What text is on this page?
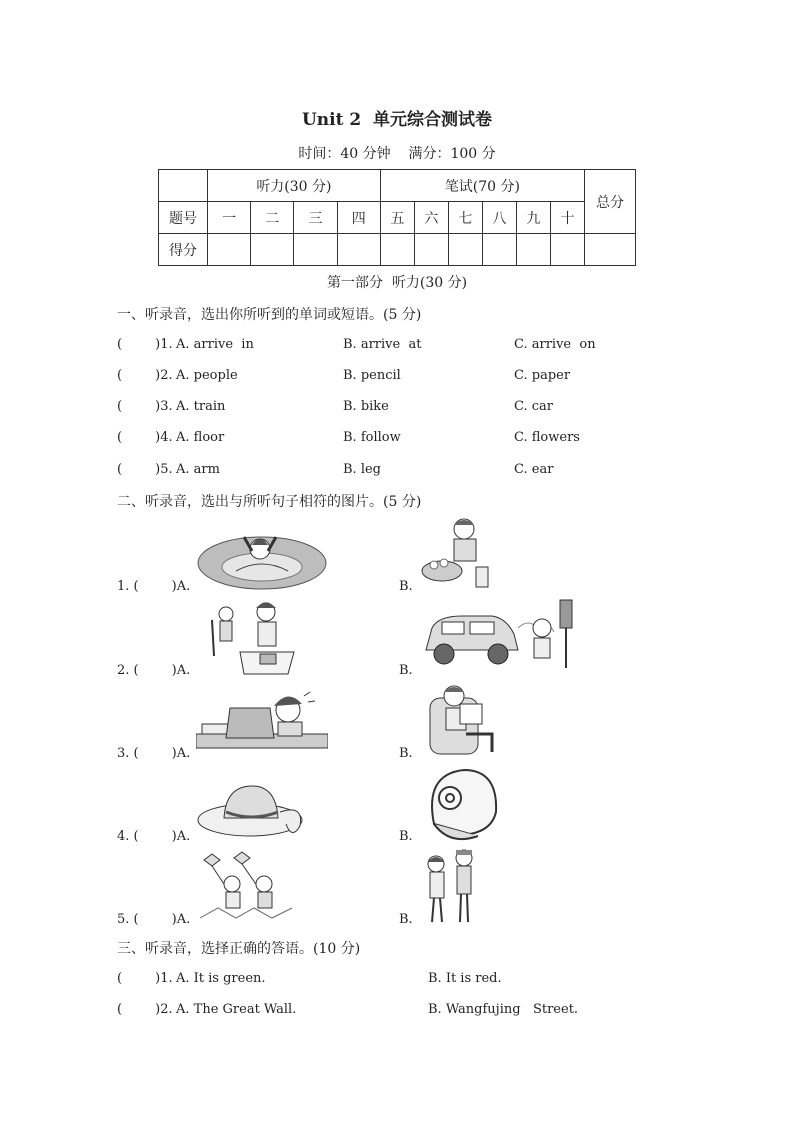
Unit 2  单元综合测试卷
时间：40 分钟    满分：100 分
	听力(30 分)				笔试(70 分)						总分
题号	一	二	三	四	五	六	七	八	九	十	
得分											
第一部分  听力(30 分)
一、听录音，选出你所听到的单词或短语。(5 分)
(        )1. A. arrive  in	B. arrive  at	C. arrive  on
(        )2. A. people	B. pencil	C. paper
(        )3. A. train	B. bike	C. car
(        )4. A. floor	B. follow	C. flowers
(        )5. A. arm	B. leg	C. ear
二、听录音，选出与所听句子相符的图片。(5 分)
1. (        )A.	B.
2. (        )A.	B.
3. (        )A.	B.
4. (        )A.	B.
5. (        )A.	B.
三、听录音，选择正确的答语。(10 分)
(        )1. A. It is green.	B. It is red.
(        )2. A. The Great Wall.	B. Wangfujing   Street.
